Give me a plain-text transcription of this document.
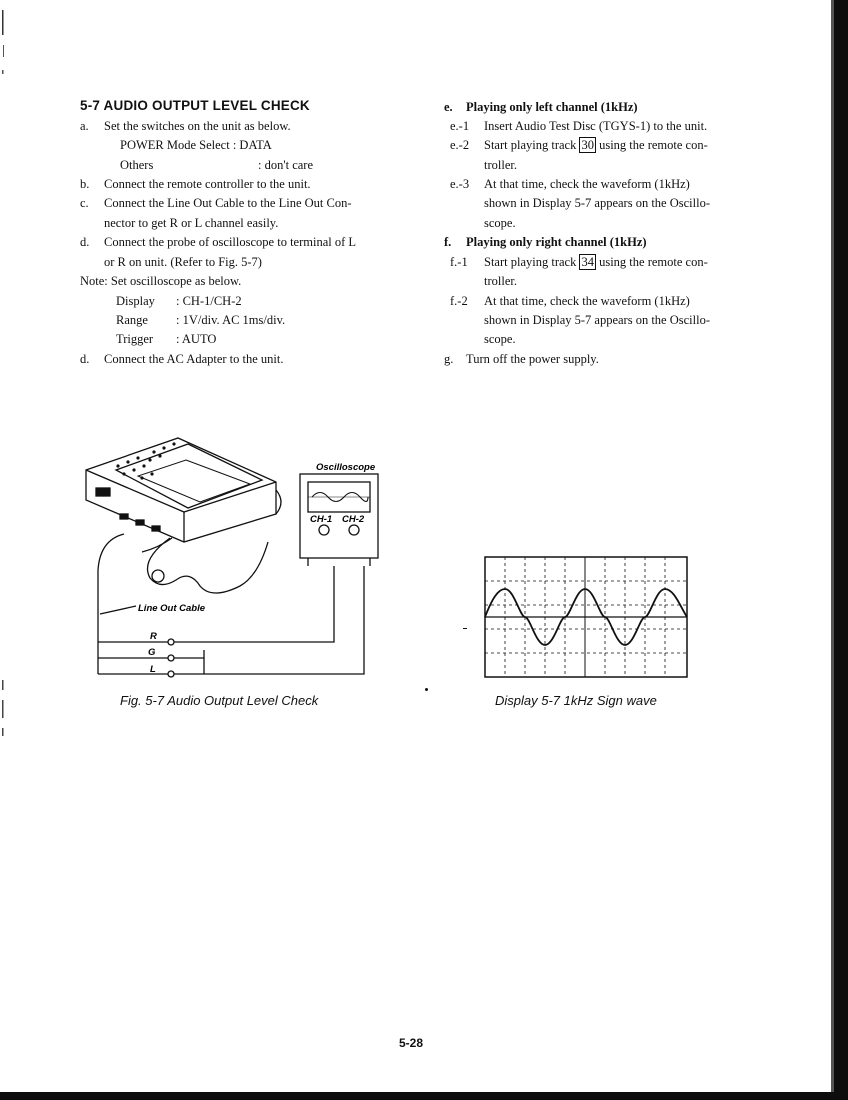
5-7 AUDIO OUTPUT LEVEL CHECK
a. Set the switches on the unit as below.
POWER Mode Select : DATA
Others	: don't care
b. Connect the remote controller to the unit.
c. Connect the Line Out Cable to the Line Out Con-
nector to get R or L channel easily.
d. Connect the probe of oscilloscope to terminal of L
or R on unit. (Refer to Fig. 5-7)
Note: Set oscilloscope as below.
Display : CH-1/CH-2
Range : 1V/div. AC 1ms/div.
Trigger : AUTO
d. Connect the AC Adapter to the unit.
e. Playing only left channel (1kHz)
e.-1 Insert Audio Test Disc (TGYS-1) to the unit.
e.-2 Start playing track 30 using the remote con-
troller.
e.-3 At that time, check the waveform (1kHz)
shown in Display 5-7 appears on the Oscillo-
scope.
f. Playing only right channel (1kHz)
f.-1 Start playing track 34 using the remote con-
troller.
f.-2 At that time, check the waveform (1kHz)
shown in Display 5-7 appears on the Oscillo-
scope.
g. Turn off the power supply.
Oscilloscope
CH-1 CH-2
Line Out Cable
R
G
L
Fig. 5-7 Audio Output Level Check	Display 5-7 1kHz Sign wave
5-28
